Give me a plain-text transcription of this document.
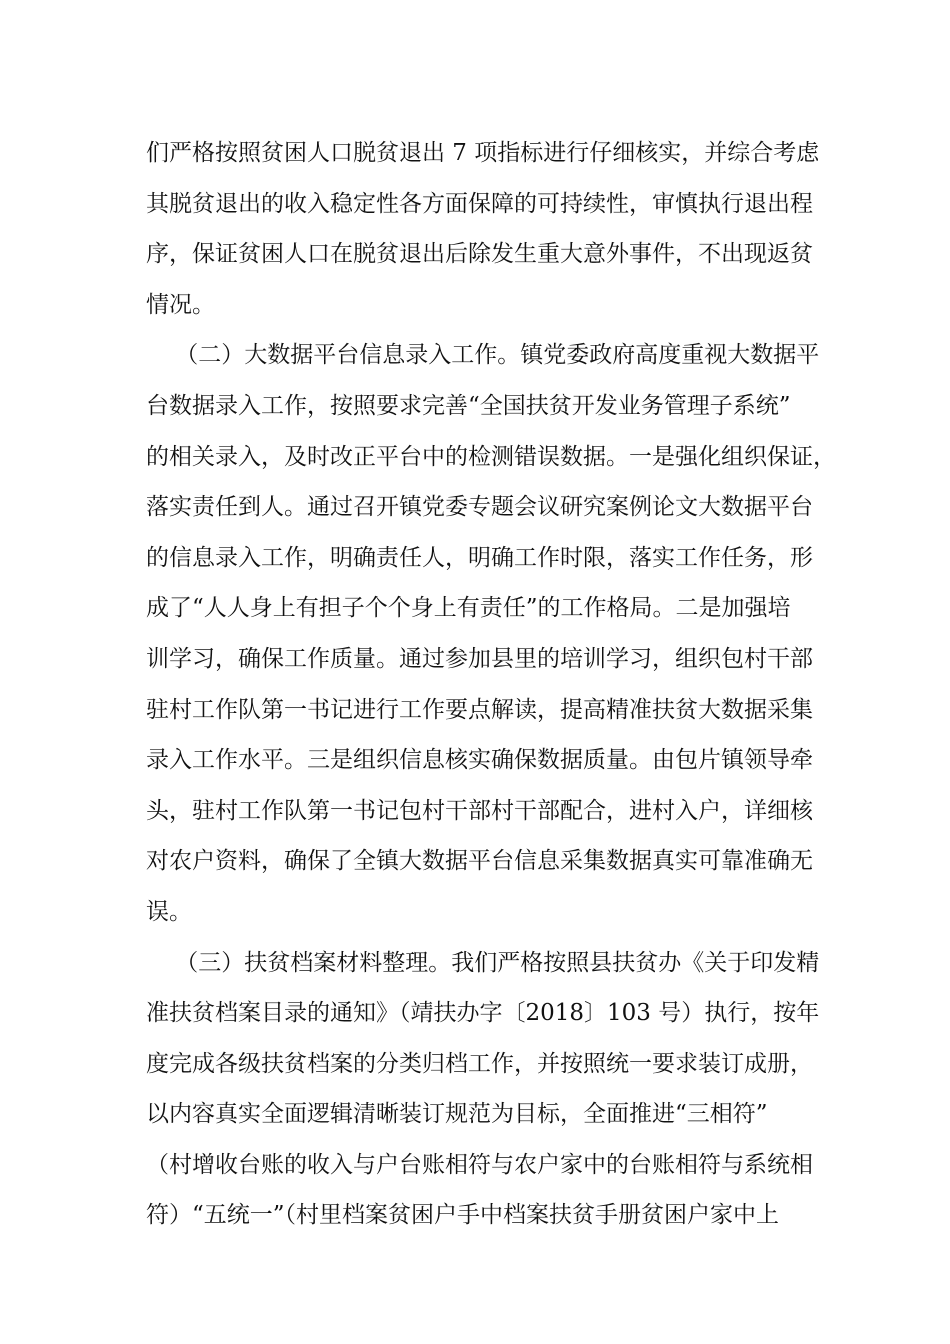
们严格按照贫困人口脱贫退出 7 项指标进行仔细核实，并综合考虑
其脱贫退出的收入稳定性各方面保障的可持续性，审慎执行退出程
序，保证贫困人口在脱贫退出后除发生重大意外事件，不出现返贫
情况。
（二）大数据平台信息录入工作。镇党委政府高度重视大数据平
台数据录入工作，按照要求完善“全国扶贫开发业务管理子系统”
的相关录入，及时改正平台中的检测错误数据。一是强化组织保证，
落实责任到人。通过召开镇党委专题会议研究案例论文大数据平台
的信息录入工作，明确责任人，明确工作时限，落实工作任务，形
成了“人人身上有担子个个身上有责任”的工作格局。二是加强培
训学习，确保工作质量。通过参加县里的培训学习，组织包村干部
驻村工作队第一书记进行工作要点解读，提高精准扶贫大数据采集
录入工作水平。三是组织信息核实确保数据质量。由包片镇领导牵
头，驻村工作队第一书记包村干部村干部配合，进村入户，详细核
对农户资料，确保了全镇大数据平台信息采集数据真实可靠准确无
误。
（三）扶贫档案材料整理。我们严格按照县扶贫办《关于印发精
准扶贫档案目录的通知》（靖扶办字〔2018〕103 号）执行，按年
度完成各级扶贫档案的分类归档工作，并按照统一要求装订成册，
以内容真实全面逻辑清晰装订规范为目标，全面推进“三相符”
（村增收台账的收入与户台账相符与农户家中的台账相符与系统相
符）“五统一”（村里档案贫困户手中档案扶贫手册贫困户家中上
